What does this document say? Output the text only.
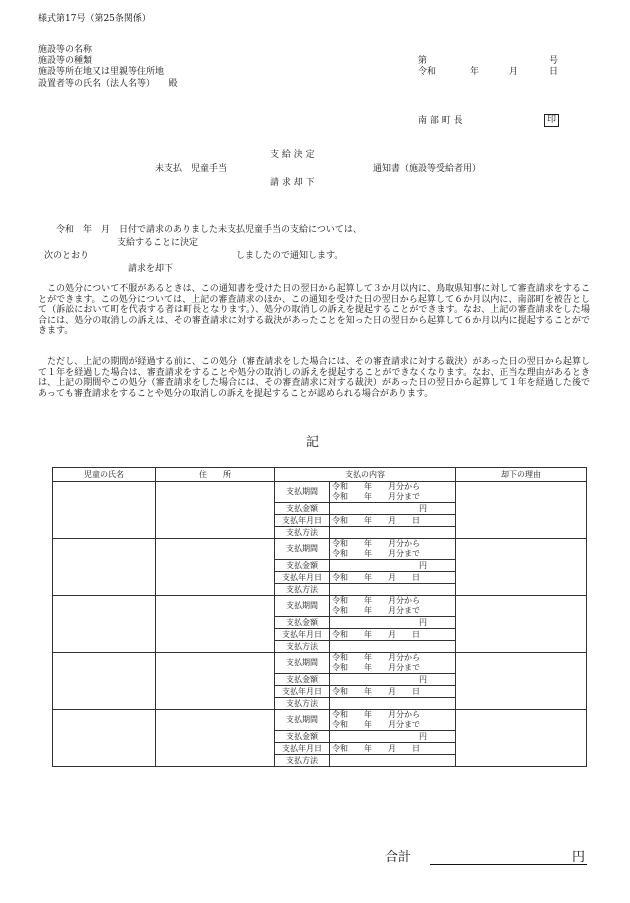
様式第17号（第25条関係）
施設等の名称
施設等の種類
施設等所在地又は里親等住所地
設置者等の氏名（法人名等）　　殿
第	号
令和	年	月	日
南 部 町 長	印
支 給 決 定
未支払　児童手当	通知書（施設等受給者用）
請 求 却 下
令和　年　月　日付で請求のありました未支払児童手当の支給については、
支給することに決定
次のとおり	しましたので通知します。
請求を却下
この処分について不服があるときは、この通知書を受けた日の翌日から起算して３か月以内に、鳥取県知事に対して審査請求をすることができます。この処分については、上記の審査請求のほか、この通知を受けた日の翌日から起算して６か月以内に、南部町を被告として（訴訟において町を代表する者は町長となります。）、処分の取消しの訴えを提起することができます。なお、上記の審査請求をした場合には、処分の取消しの訴えは、その審査請求に対する裁決があったことを知った日の翌日から起算して６か月以内に提起することができます。
ただし、上記の期間が経過する前に、この処分（審査請求をした場合には、その審査請求に対する裁決）があった日の翌日から起算して１年を経過した場合は、審査請求をすることや処分の取消しの訴えを提起することができなくなります。なお、正当な理由があるときは、上記の期間やこの処分（審査請求をした場合には、その審査請求に対する裁決）があった日の翌日から起算して１年を経過した後であっても審査請求をすることや処分の取消しの訴えを提起することが認められる場合があります。
記
児童の氏名	住　　所	支払の内容	却下の理由

支払期間	
令和　　年　　月分から
令和　　年　　月分まで

支払金額	円
支払年月日	令和　　年　　月　　日
支払方法	

支払期間	
令和　　年　　月分から
令和　　年　　月分まで

支払金額	円
支払年月日	令和　　年　　月　　日
支払方法	

支払期間	
令和　　年　　月分から
令和　　年　　月分まで

支払金額	円
支払年月日	令和　　年　　月　　日
支払方法	

支払期間	
令和　　年　　月分から
令和　　年　　月分まで

支払金額	円
支払年月日	令和　　年　　月　　日
支払方法	

支払期間	
令和　　年　　月分から
令和　　年　　月分まで

支払金額	円
支払年月日	令和　　年　　月　　日
支払方法	

合計	円
